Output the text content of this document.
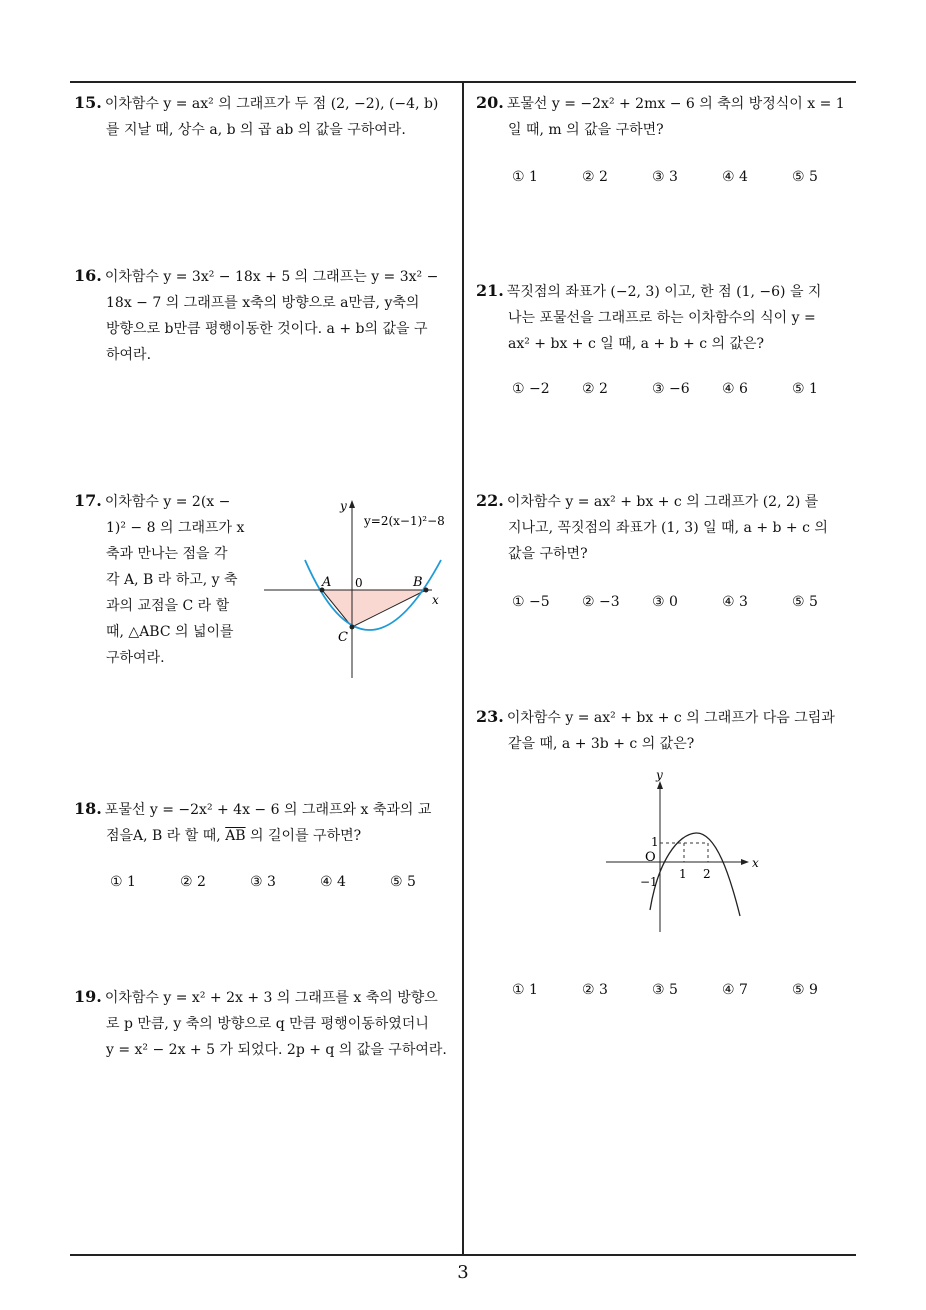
15. 이차함수 y = ax² 의 그래프가 두 점 (2, −2), (−4, b)
를 지날 때, 상수 a, b 의 곱 ab 의 값을 구하여라.
16. 이차함수 y = 3x² − 18x + 5 의 그래프는 y = 3x² −
18x − 7 의 그래프를 x축의 방향으로 a만큼, y축의
방향으로 b만큼 평행이동한 것이다. a + b의 값을 구
하여라.
17. 이차함수 y = 2(x −
1)² − 8 의 그래프가 x
축과 만나는 점을 각
각 A, B 라 하고, y 축
과의 교점을 C 라 할
때, △ABC 의 넓이를
구하여라.
y
y=2(x−1)²−8
A 0	B
x
C
18. 포물선 y = −2x² + 4x − 6 의 그래프와 x 축과의 교
점을A, B 라 할 때, $\overline{AB}$ 의 길이를 구하면?
① 1	② 2	③ 3	④ 4	⑤ 5
19. 이차함수 y = x² + 2x + 3 의 그래프를 x 축의 방향으
로 p 만큼, y 축의 방향으로 q 만큼 평행이동하였더니
y = x² − 2x + 5 가 되었다. 2p + q 의 값을 구하여라.
20. 포물선 y = −2x² + 2mx − 6 의 축의 방정식이 x = 1
일 때, m 의 값을 구하면?
① 1	② 2	③ 3	④ 4	⑤ 5
21. 꼭짓점의 좌표가 (−2, 3) 이고, 한 점 (1, −6) 을 지
나는 포물선을 그래프로 하는 이차함수의 식이 y =
ax² + bx + c 일 때, a + b + c 의 값은?
① −2 ② 2	③ −6 ④ 6	⑤ 1
22. 이차함수 y = ax² + bx + c 의 그래프가 (2, 2) 를
지나고, 꼭짓점의 좌표가 (1, 3) 일 때, a + b + c 의
값을 구하면?
① −5 ② −3 ③ 0	④ 3	⑤ 5
23. 이차함수 y = ax² + bx + c 의 그래프가 다음 그림과
같을 때, a + 3b + c 의 값은?
y
x
1
O
−1
1 2
① 1	② 3	③ 5	④ 7	⑤ 9
3
